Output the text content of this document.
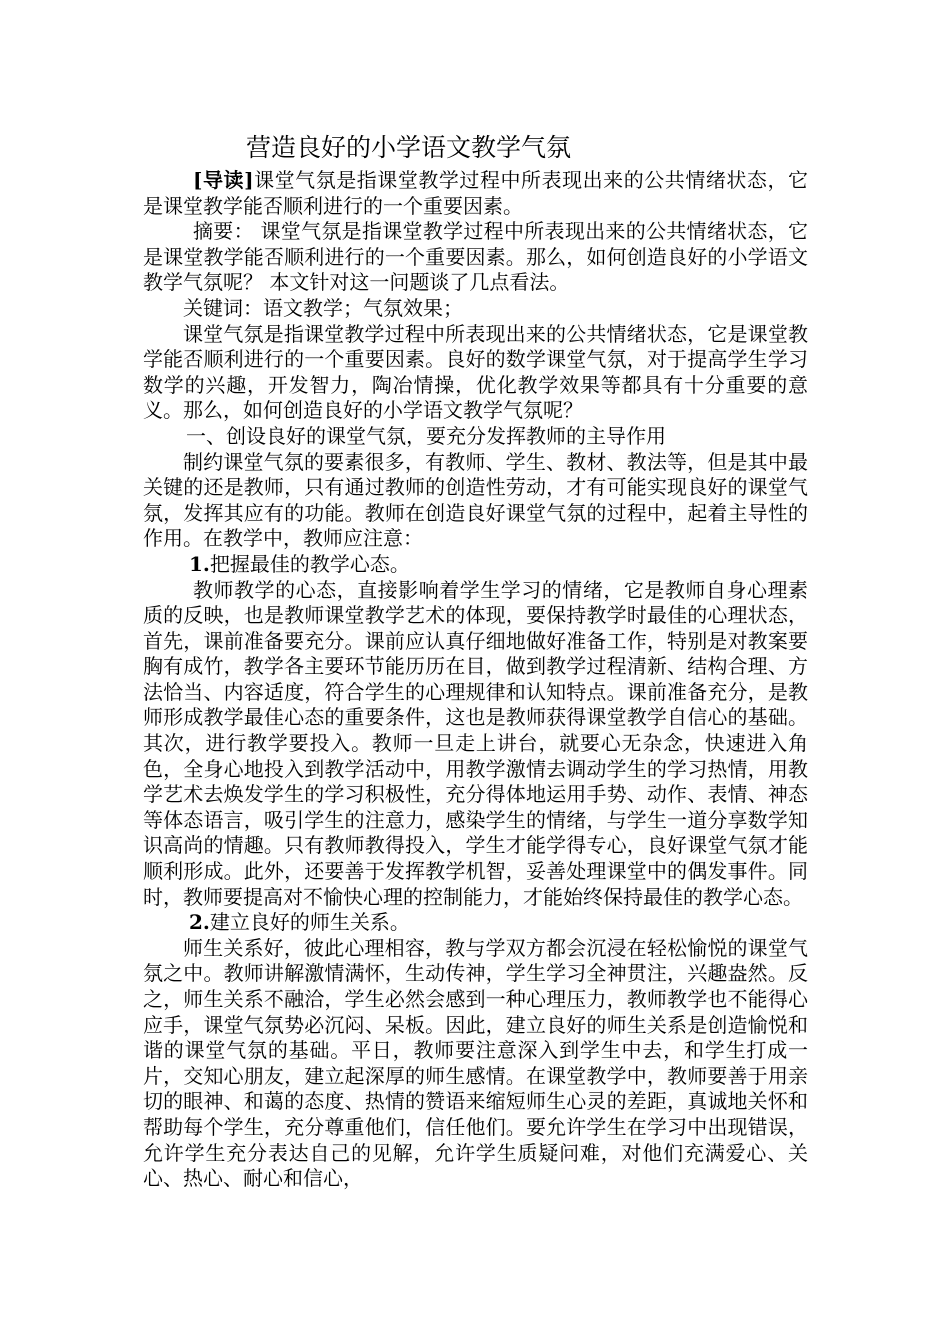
营造良好的小学语文教学气氛

[导读]课堂气氛是指课堂教学过程中所表现出来的公共情绪状态，它是课堂教学能否顺利进行的一个重要因素。

摘要： 课堂气氛是指课堂教学过程中所表现出来的公共情绪状态，它是课堂教学能否顺利进行的一个重要因素。那么，如何创造良好的小学语文教学气氛呢？ 本文针对这一问题谈了几点看法。

关键词：语文教学；气氛效果；

课堂气氛是指课堂教学过程中所表现出来的公共情绪状态，它是课堂教学能否顺利进行的一个重要因素。良好的数学课堂气氛，对于提高学生学习数学的兴趣，开发智力，陶冶情操，优化教学效果等都具有十分重要的意义。那么，如何创造良好的小学语文教学气氛呢？

一、创设良好的课堂气氛，要充分发挥教师的主导作用

制约课堂气氛的要素很多，有教师、学生、教材、教法等，但是其中最关键的还是教师，只有通过教师的创造性劳动，才有可能实现良好的课堂气氛，发挥其应有的功能。教师在创造良好课堂气氛的过程中，起着主导性的作用。在教学中，教师应注意：

1.把握最佳的教学心态。

教师教学的心态，直接影响着学生学习的情绪，它是教师自身心理素质的反映，也是教师课堂教学艺术的体现，要保持教学时最佳的心理状态，首先，课前准备要充分。课前应认真仔细地做好准备工作，特别是对教案要胸有成竹，教学各主要环节能历历在目，做到教学过程清新、结构合理、方法恰当、内容适度，符合学生的心理规律和认知特点。课前准备充分，是教师形成教学最佳心态的重要条件，这也是教师获得课堂教学自信心的基础。其次，进行教学要投入。教师一旦走上讲台，就要心无杂念，快速进入角色，全身心地投入到教学活动中，用教学激情去调动学生的学习热情，用教学艺术去焕发学生的学习积极性，充分得体地运用手势、动作、表情、神态等体态语言，吸引学生的注意力，感染学生的情绪，与学生一道分享数学知识高尚的情趣。只有教师教得投入，学生才能学得专心，良好课堂气氛才能顺利形成。此外，还要善于发挥教学机智，妥善处理课堂中的偶发事件。同时，教师要提高对不愉快心理的控制能力，才能始终保持最佳的教学心态。

2.建立良好的师生关系。

师生关系好，彼此心理相容，教与学双方都会沉浸在轻松愉悦的课堂气氛之中。教师讲解激情满怀，生动传神，学生学习全神贯注，兴趣盎然。反之，师生关系不融洽，学生必然会感到一种心理压力，教师教学也不能得心应手，课堂气氛势必沉闷、呆板。因此，建立良好的师生关系是创造愉悦和谐的课堂气氛的基础。平日，教师要注意深入到学生中去，和学生打成一片，交知心朋友，建立起深厚的师生感情。在课堂教学中，教师要善于用亲切的眼神、和蔼的态度、热情的赞语来缩短师生心灵的差距，真诚地关怀和帮助每个学生，充分尊重他们，信任他们。要允许学生在学习中出现错误，允许学生充分表达自己的见解，允许学生质疑问难，对他们充满爱心、关心、热心、耐心和信心，
